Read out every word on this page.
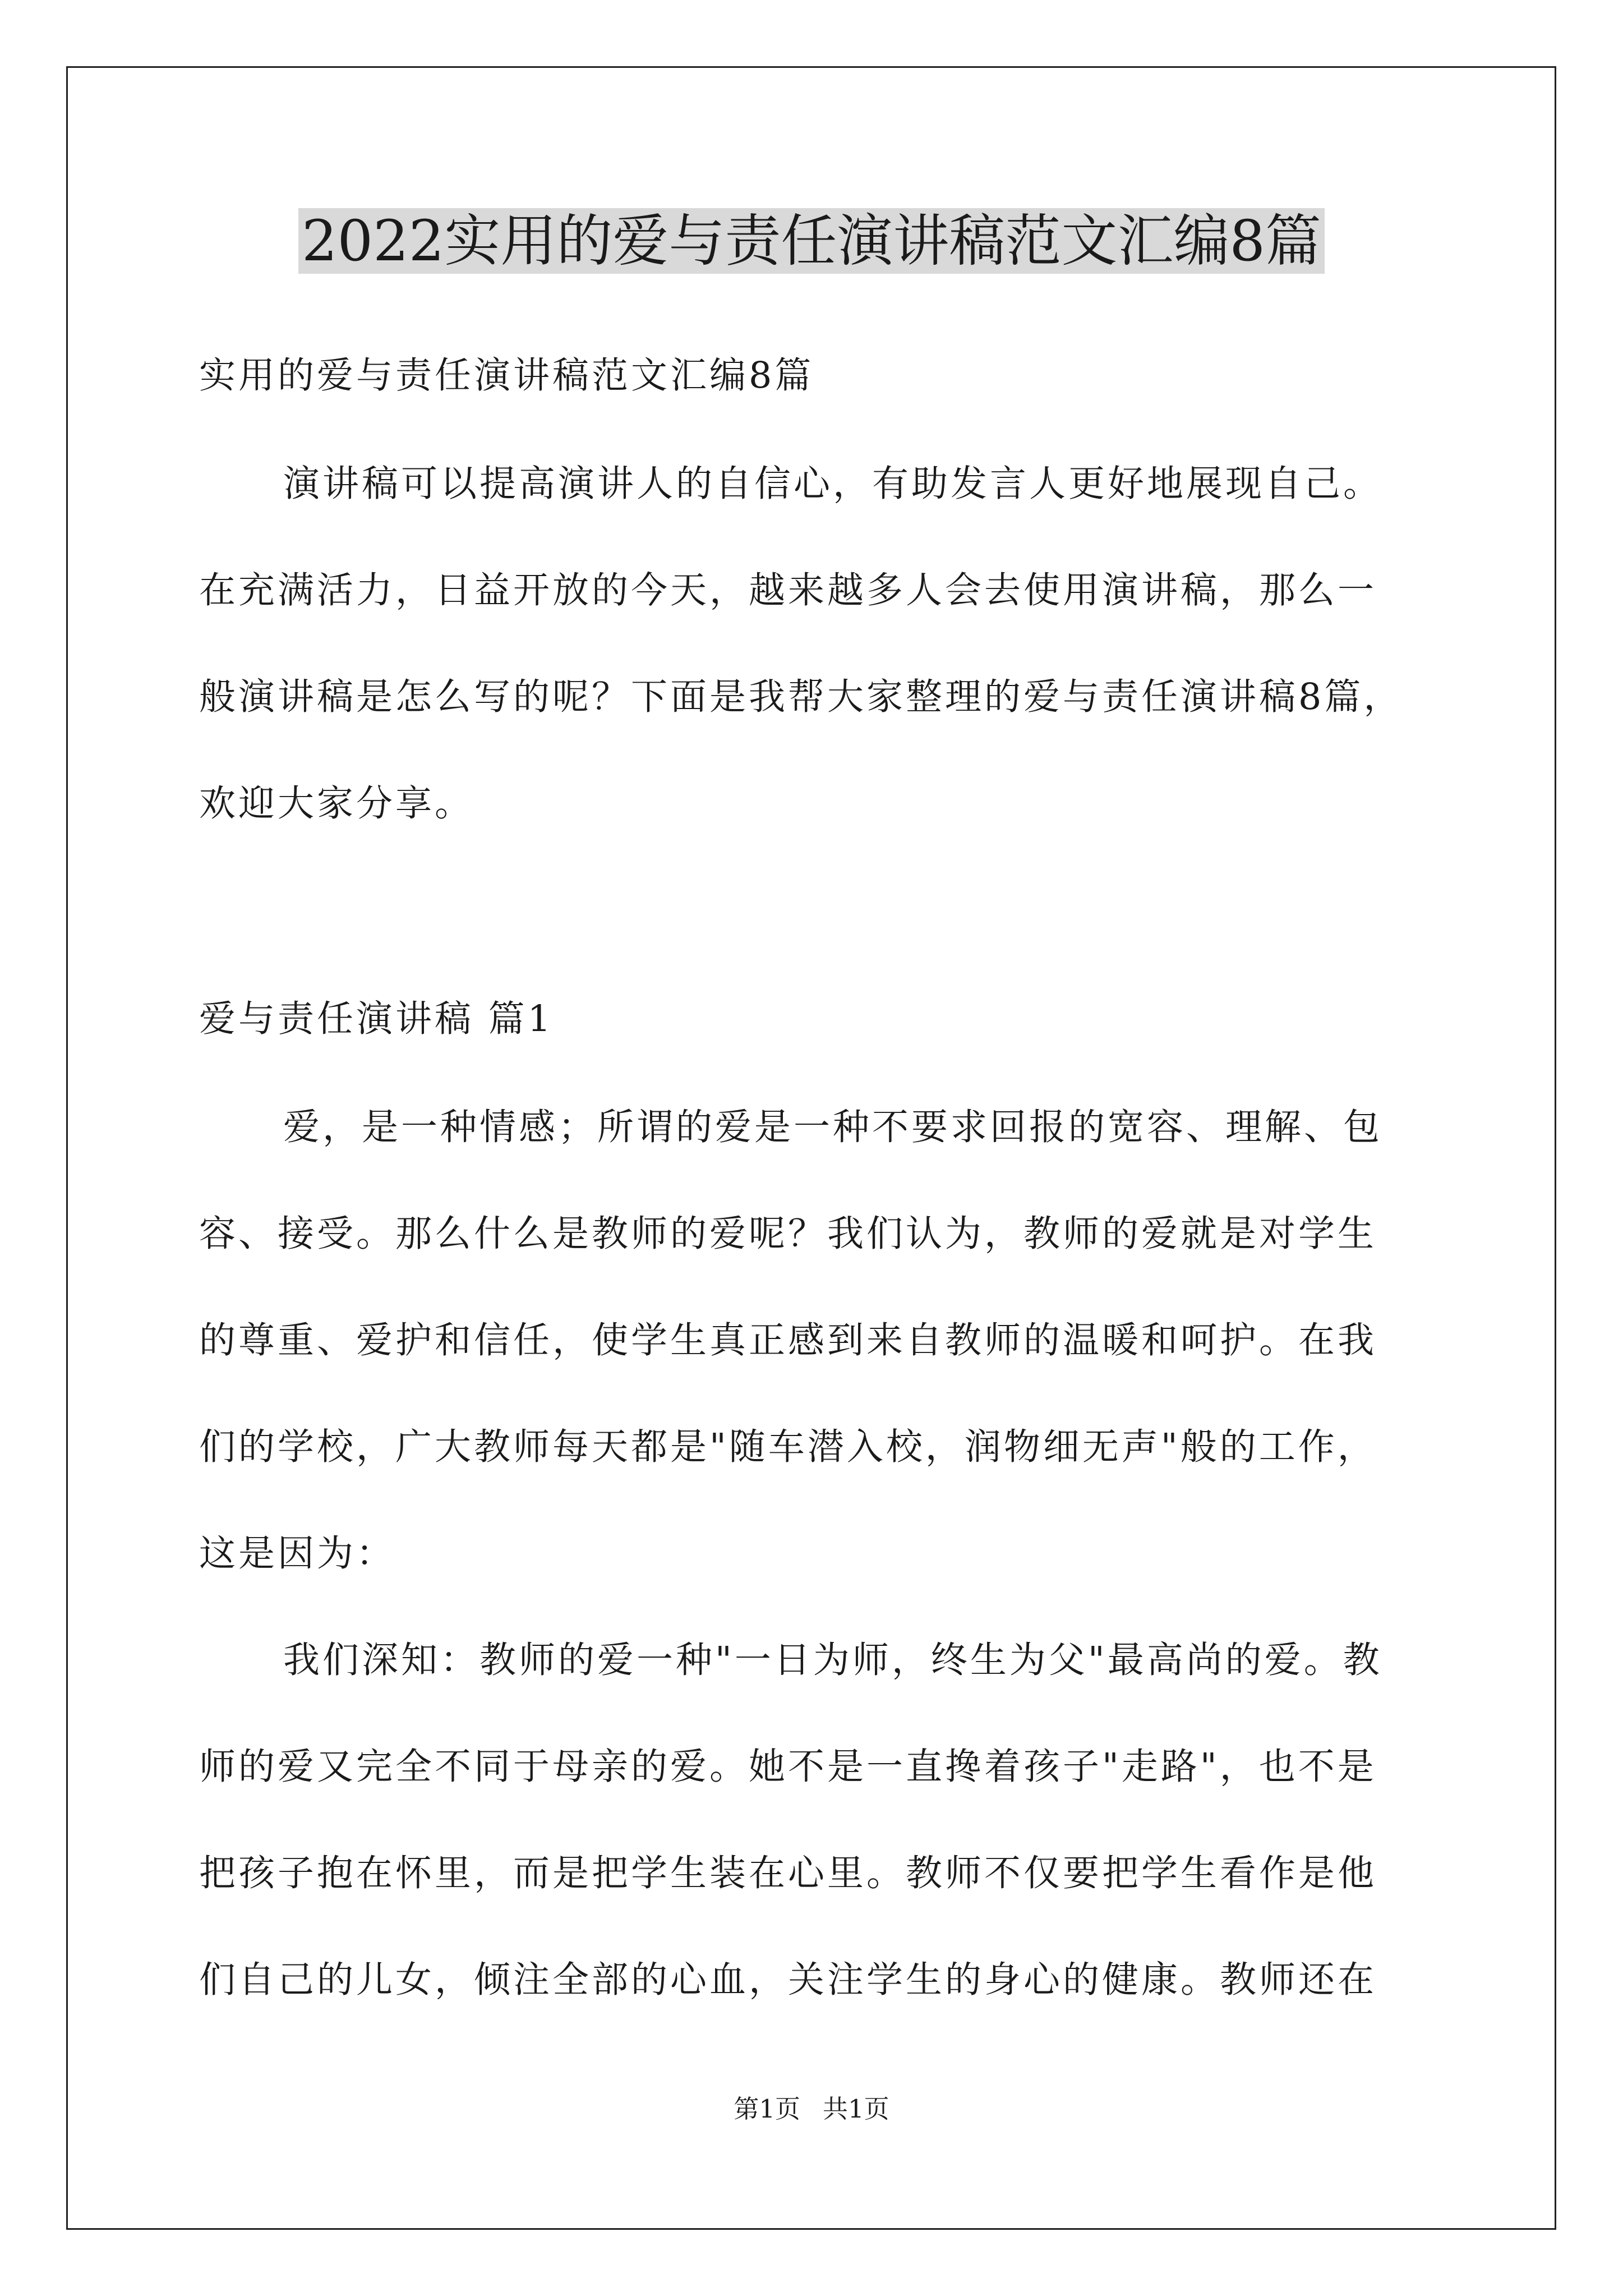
2022实用的爱与责任演讲稿范文汇编8篇
实用的爱与责任演讲稿范文汇编8篇
演讲稿可以提高演讲人的自信心，有助发言人更好地展现自己。
在充满活力，日益开放的今天，越来越多人会去使用演讲稿，那么一
般演讲稿是怎么写的呢？下面是我帮大家整理的爱与责任演讲稿8篇，
欢迎大家分享。
爱与责任演讲稿 篇1
爱，是一种情感；所谓的爱是一种不要求回报的宽容、理解、包
容、接受。那么什么是教师的爱呢？我们认为，教师的爱就是对学生
的尊重、爱护和信任，使学生真正感到来自教师的温暖和呵护。在我
们的学校，广大教师每天都是"随车潜入校，润物细无声"般的工作，
这是因为：
我们深知：教师的爱一种"一日为师，终生为父"最高尚的爱。教
师的爱又完全不同于母亲的爱。她不是一直搀着孩子"走路"，也不是
把孩子抱在怀里，而是把学生装在心里。教师不仅要把学生看作是他
们自己的儿女，倾注全部的心血，关注学生的身心的健康。教师还在
第1页 共1页
